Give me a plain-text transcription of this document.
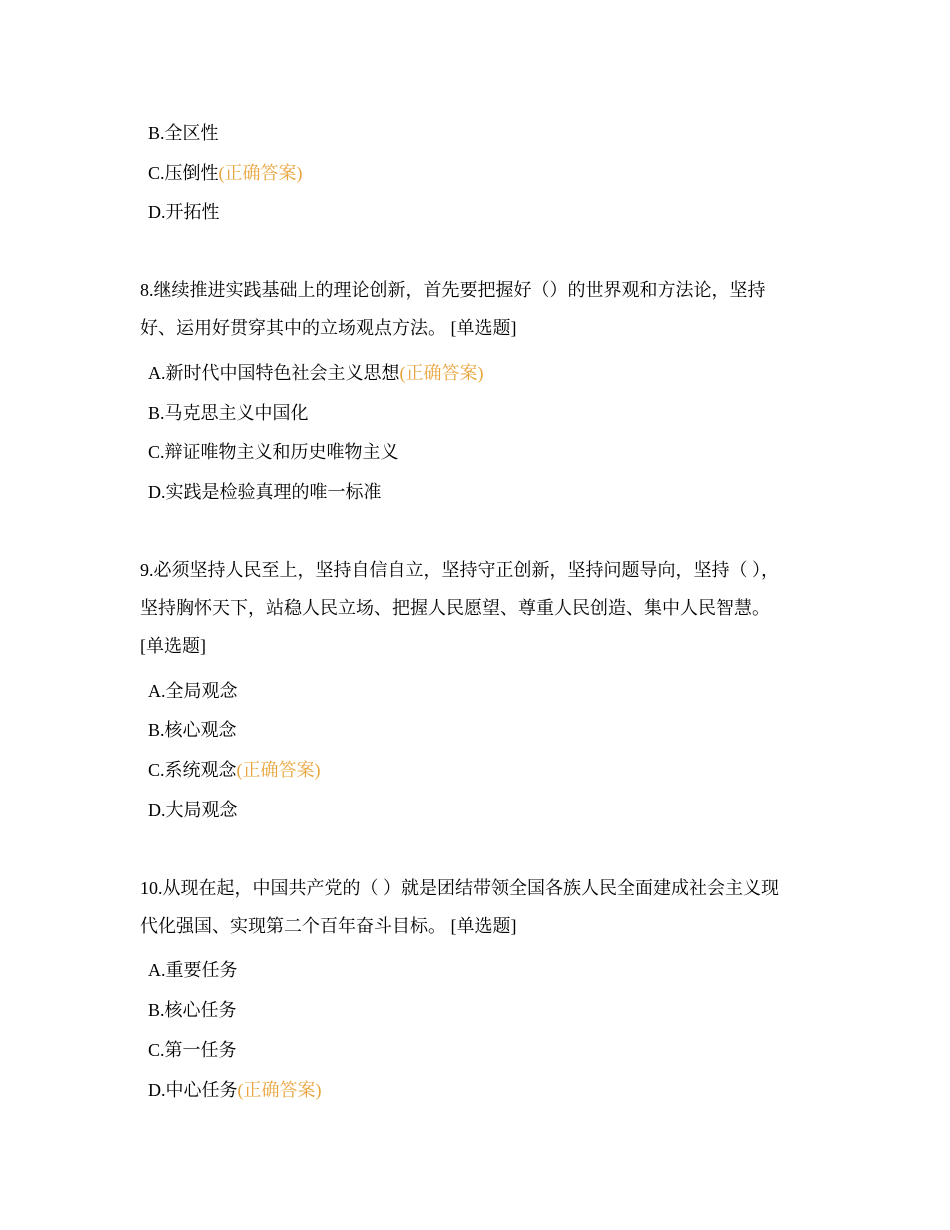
B.全区性
C.压倒性(正确答案)
D.开拓性
8.继续推进实践基础上的理论创新，首先要把握好（）的世界观和方法论，坚持
好、运用好贯穿其中的立场观点方法。 [单选题]
A.新时代中国特色社会主义思想(正确答案)
B.马克思主义中国化
C.辩证唯物主义和历史唯物主义
D.实践是检验真理的唯一标准
9.必须坚持人民至上，坚持自信自立，坚持守正创新，坚持问题导向，坚持（ ），
坚持胸怀天下，站稳人民立场、把握人民愿望、尊重人民创造、集中人民智慧。
[单选题]
A.全局观念
B.核心观念
C.系统观念(正确答案)
D.大局观念
10.从现在起，中国共产党的（ ）就是团结带领全国各族人民全面建成社会主义现
代化强国、实现第二个百年奋斗目标。 [单选题]
A.重要任务
B.核心任务
C.第一任务
D.中心任务(正确答案)
